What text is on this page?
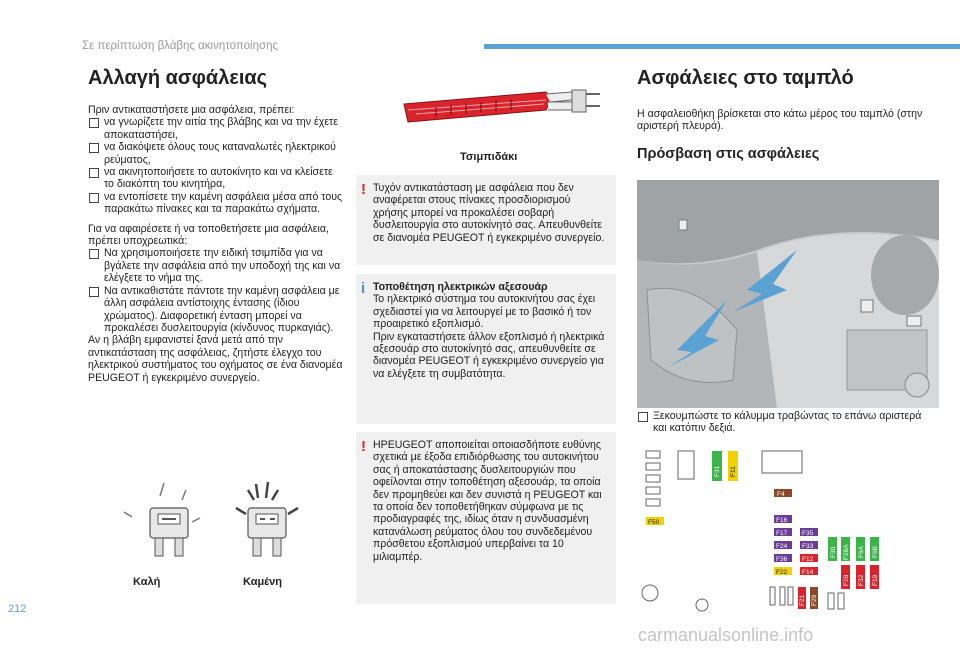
Σε περίπτωση βλάβης ακινητοποίησης
Αλλαγή ασφάλειας

Πριν αντικαταστήσετε μια ασφάλεια, πρέπει:

να γνωρίζετε την αιτία της βλάβης και να την έχετε αποκαταστήσει,
να διακόψετε όλους τους καταναλωτές ηλεκτρικού ρεύματος,
να ακινητοποιήσετε το αυτοκίνητο και να κλείσετε το διακόπτη του κινητήρα,
να εντοπίσετε την καμένη ασφάλεια μέσα από τους παρακάτω πίνακες και τα παρακάτω σχήματα.

Για να αφαιρέσετε ή να τοποθετήσετε μια ασφάλεια, πρέπει υποχρεωτικά:

Να χρησιμοποιήσετε την ειδική τσιμπίδα για να βγάλετε την ασφάλεια από την υποδοχή της και να ελέγξετε το νήμα της.
Να αντικαθιστάτε πάντοτε την καμένη ασφάλεια με άλλη ασφάλεια αντίστοιχης έντασης (ίδιου χρώματος). Διαφορετική ένταση μπορεί να προκαλέσει δυσλειτουργία (κίνδυνος πυρκαγιάς).

Αν η βλάβη εμφανιστεί ξανά μετά από την αντικατάσταση της ασφάλειας, ζητήστε έλεγχο του ηλεκτρικού συστήματος του οχήματος σε ένα διανομέα PEUGEOT ή εγκεκριμένο συνεργείο.

Καλή	Καμένη
Τσιμπιδάκι
! Τυχόν αντικατάσταση με ασφάλεια που δεν αναφέρεται στους πίνακες προσδιορισμού χρήσης μπορεί να προκαλέσει σοβαρή δυσλειτουργία στο αυτοκίνητό σας. Απευθυνθείτε σε διανομέα PEUGEOT ή εγκεκριμένο συνεργείο.
i Τοποθέτηση ηλεκτρικών αξεσουάρ
Το ηλεκτρικό σύστημα του αυτοκινήτου σας έχει σχεδιαστεί για να λειτουργεί με το βασικό ή τον προαιρετικό εξοπλισμό.
Πριν εγκαταστήσετε άλλον εξοπλισμό ή ηλεκτρικά αξεσουάρ στο αυτοκίνητό σας, απευθυνθείτε σε διανομέα PEUGEOT ή εγκεκριμένο συνεργείο για να ελέγξετε τη συμβατότητα.
! ΗPEUGEOT αποποιείται οποιασδήποτε ευθύνης σχετικά με έξοδα επιδιόρθωσης του αυτοκινήτου σας ή αποκατάστασης δυσλειτουργιών που οφείλονται στην τοποθέτηση αξεσουάρ, τα οποία δεν προμηθεύει και δεν συνιστά η PEUGEOT και τα οποία δεν τοποθετήθηκαν σύμφωνα με τις προδιαγραφές της, ιδίως όταν η συνδυασμένη κατανάλωση ρεύματος όλου του συνδεδεμένου πρόσθετου εξοπλισμού υπερβαίνει τα 10 μιλιαμπέρ.
Ασφάλειες στο ταμπλό

Η ασφαλειοθήκη βρίσκεται στο κάτω μέρος του ταμπλό (στην αριστερή πλευρά).

Πρόσβαση στις ασφάλειες
Ξεκουμπώστε το κάλυμμα τραβώντας το επάνω αριστερά και κατόπιν δεξιά.
F50
F31 F11
F4
F16
F35
F17
F24 F33
F36 F12
F22 F14
F30 F28A F6A F6B
F28 F32 F19
F21 F29
212
carmanualsonline.info
